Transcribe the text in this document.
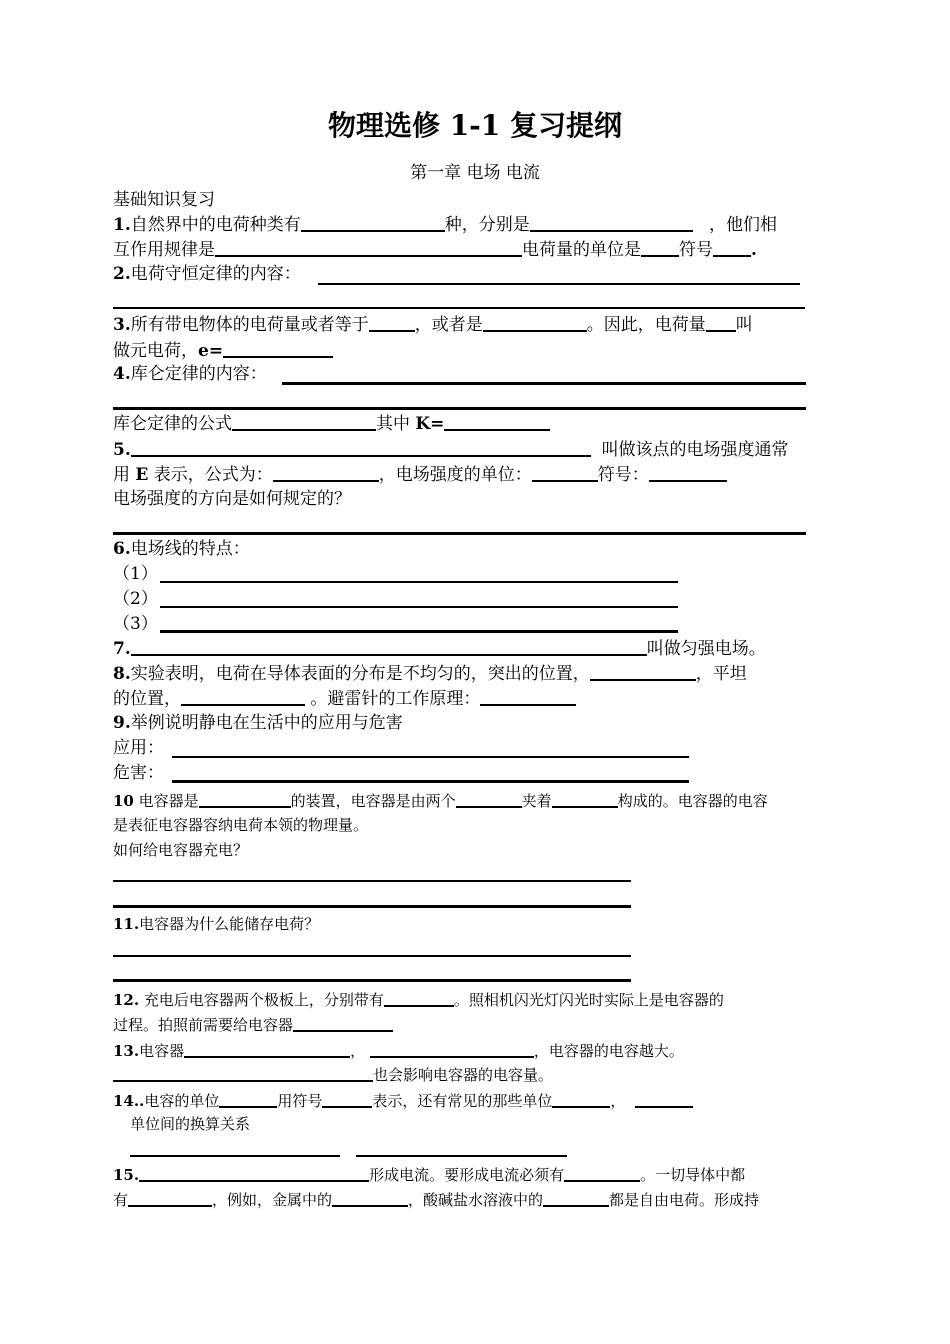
物理选修 1-1 复习提纲
第一章 电场 电流
基础知识复习
1.自然界中的电荷种类有	种，分别是	，他们相
互作用规律是	电荷量的单位是 符号 .
2.电荷守恒定律的内容：
3.所有带电物体的电荷量或者等于	，或者是	。因此，电荷量 叫
做元电荷，e=
4.库仑定律的内容：
库仑定律的公式	其中 K=
5.	叫做该点的电场强度通常
用 E 表示，公式为：	，电场强度的单位：	符号：
电场强度的方向是如何规定的？
6.电场线的特点：
（1）
（2）
（3）
7.	叫做匀强电场。
8.实验表明，电荷在导体表面的分布是不均匀的，突出的位置，	，平坦
的位置，	。避雷针的工作原理：
9.举例说明静电在生活中的应用与危害
应用：
危害：
10 电容器是	的装置，电容器是由两个	夹着	构成的。电容器的电容
是表征电容器容纳电荷本领的物理量。
如何给电容器充电？
11.电容器为什么能储存电荷？
12. 充电后电容器两个极板上，分别带有	。照相机闪光灯闪光时实际上是电容器的
过程。拍照前需要给电容器
13.电容器	，	，电容器的电容越大。
也会影响电容器的电容量。
14..电容的单位	用符号	表示，还有常见的那些单位	，
单位间的换算关系
15.	形成电流。要形成电流必须有	。一切导体中都
有	，例如，金属中的	，酸碱盐水溶液中的	都是自由电荷。形成持
